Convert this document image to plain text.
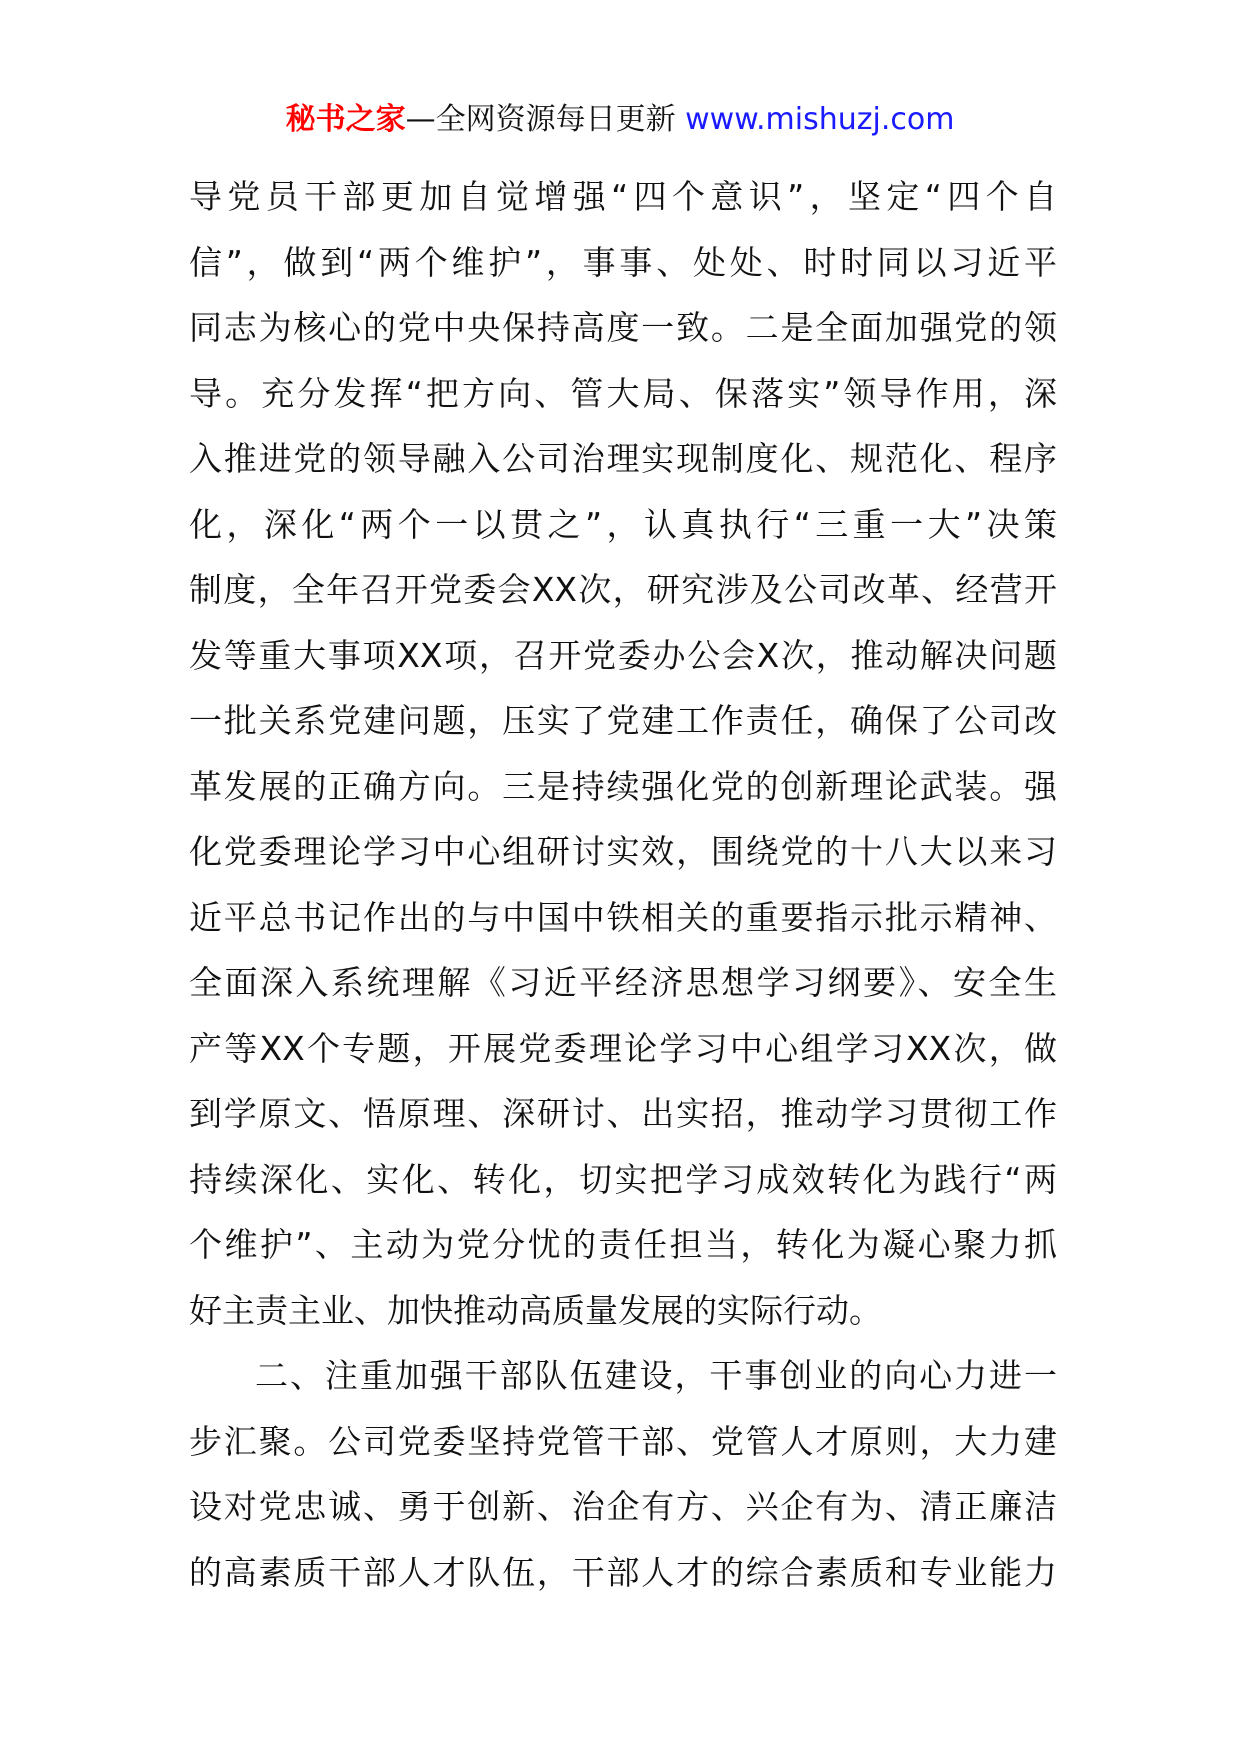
秘书之家—全网资源每日更新 www.mishuzj.com
导党员干部更加自觉增强“四个意识”，坚定“四个自
信”，做到“两个维护”，事事、处处、时时同以习近平
同志为核心的党中央保持高度一致。二是全面加强党的领
导。充分发挥“把方向、管大局、保落实”领导作用，深
入推进党的领导融入公司治理实现制度化、规范化、程序
化，深化“两个一以贯之”，认真执行“三重一大”决策
制度，全年召开党委会XX次，研究涉及公司改革、经营开
发等重大事项XX项，召开党委办公会X次，推动解决问题
一批关系党建问题，压实了党建工作责任，确保了公司改
革发展的正确方向。三是持续强化党的创新理论武装。强
化党委理论学习中心组研讨实效，围绕党的十八大以来习
近平总书记作出的与中国中铁相关的重要指示批示精神、
全面深入系统理解《习近平经济思想学习纲要》、安全生
产等XX个专题，开展党委理论学习中心组学习XX次，做
到学原文、悟原理、深研讨、出实招，推动学习贯彻工作
持续深化、实化、转化，切实把学习成效转化为践行“两
个维护”、主动为党分忧的责任担当，转化为凝心聚力抓
好主责主业、加快推动高质量发展的实际行动。
二、注重加强干部队伍建设，干事创业的向心力进一
步汇聚。公司党委坚持党管干部、党管人才原则，大力建
设对党忠诚、勇于创新、治企有方、兴企有为、清正廉洁
的高素质干部人才队伍，干部人才的综合素质和专业能力
